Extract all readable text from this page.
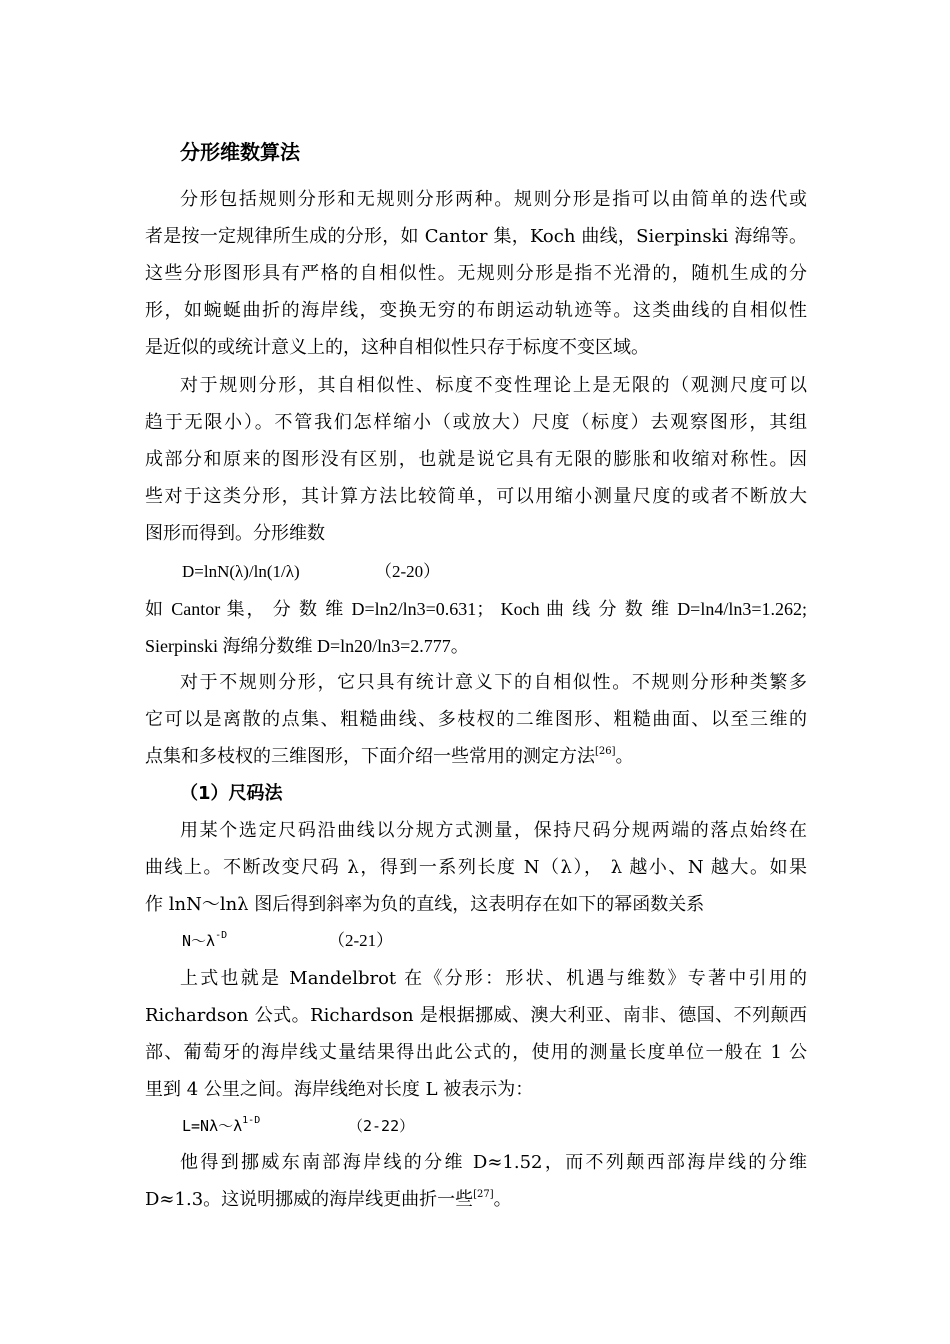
分形维数算法
分形包括规则分形和无规则分形两种。规则分形是指可以由简单的迭代或
者是按一定规律所生成的分形，如 Cantor 集，Koch 曲线，Sierpinski 海绵等。
这些分形图形具有严格的自相似性。无规则分形是指不光滑的，随机生成的分
形，如蜿蜒曲折的海岸线，变换无穷的布朗运动轨迹等。这类曲线的自相似性
是近似的或统计意义上的，这种自相似性只存于标度不变区域。
对于规则分形，其自相似性、标度不变性理论上是无限的（观测尺度可以
趋于无限小）。不管我们怎样缩小（或放大）尺度（标度）去观察图形，其组
成部分和原来的图形没有区别，也就是说它具有无限的膨胀和收缩对称性。因
些对于这类分形，其计算方法比较简单，可以用缩小测量尺度的或者不断放大
图形而得到。分形维数
D=lnN(λ)/ln(1/λ)	（2-20）
如 Cantor 集， 分 数 维 D=ln2/ln3=0.631； Koch 曲 线 分 数 维 D=ln4/ln3=1.262;
Sierpinski 海绵分数维 D=ln20/ln3=2.777。
对于不规则分形，它只具有统计意义下的自相似性。不规则分形种类繁多
它可以是离散的点集、粗糙曲线、多枝杈的二维图形、粗糙曲面、以至三维的
点集和多枝杈的三维图形，下面介绍一些常用的测定方法[26]。
（1）尺码法
用某个选定尺码沿曲线以分规方式测量，保持尺码分规两端的落点始终在
曲线上。不断改变尺码 λ，得到一系列长度 N（λ）， λ 越小、N 越大。如果
作 lnN～lnλ 图后得到斜率为负的直线，这表明存在如下的幂函数关系
$N\sim\lambda^{-D}$	（2-21）
上式也就是 Mandelbrot 在《分形：形状、机遇与维数》专著中引用的
Richardson 公式。Richardson 是根据挪威、澳大利亚、南非、德国、不列颠西
部、葡萄牙的海岸线丈量结果得出此公式的，使用的测量长度单位一般在 1 公
里到 4 公里之间。海岸线绝对长度 L 被表示为：
$L=N\lambda\sim\lambda^{1-D}$	（2-22）
他得到挪威东南部海岸线的分维 D≈1.52，而不列颠西部海岸线的分维
D≈1.3。这说明挪威的海岸线更曲折一些[27]。
